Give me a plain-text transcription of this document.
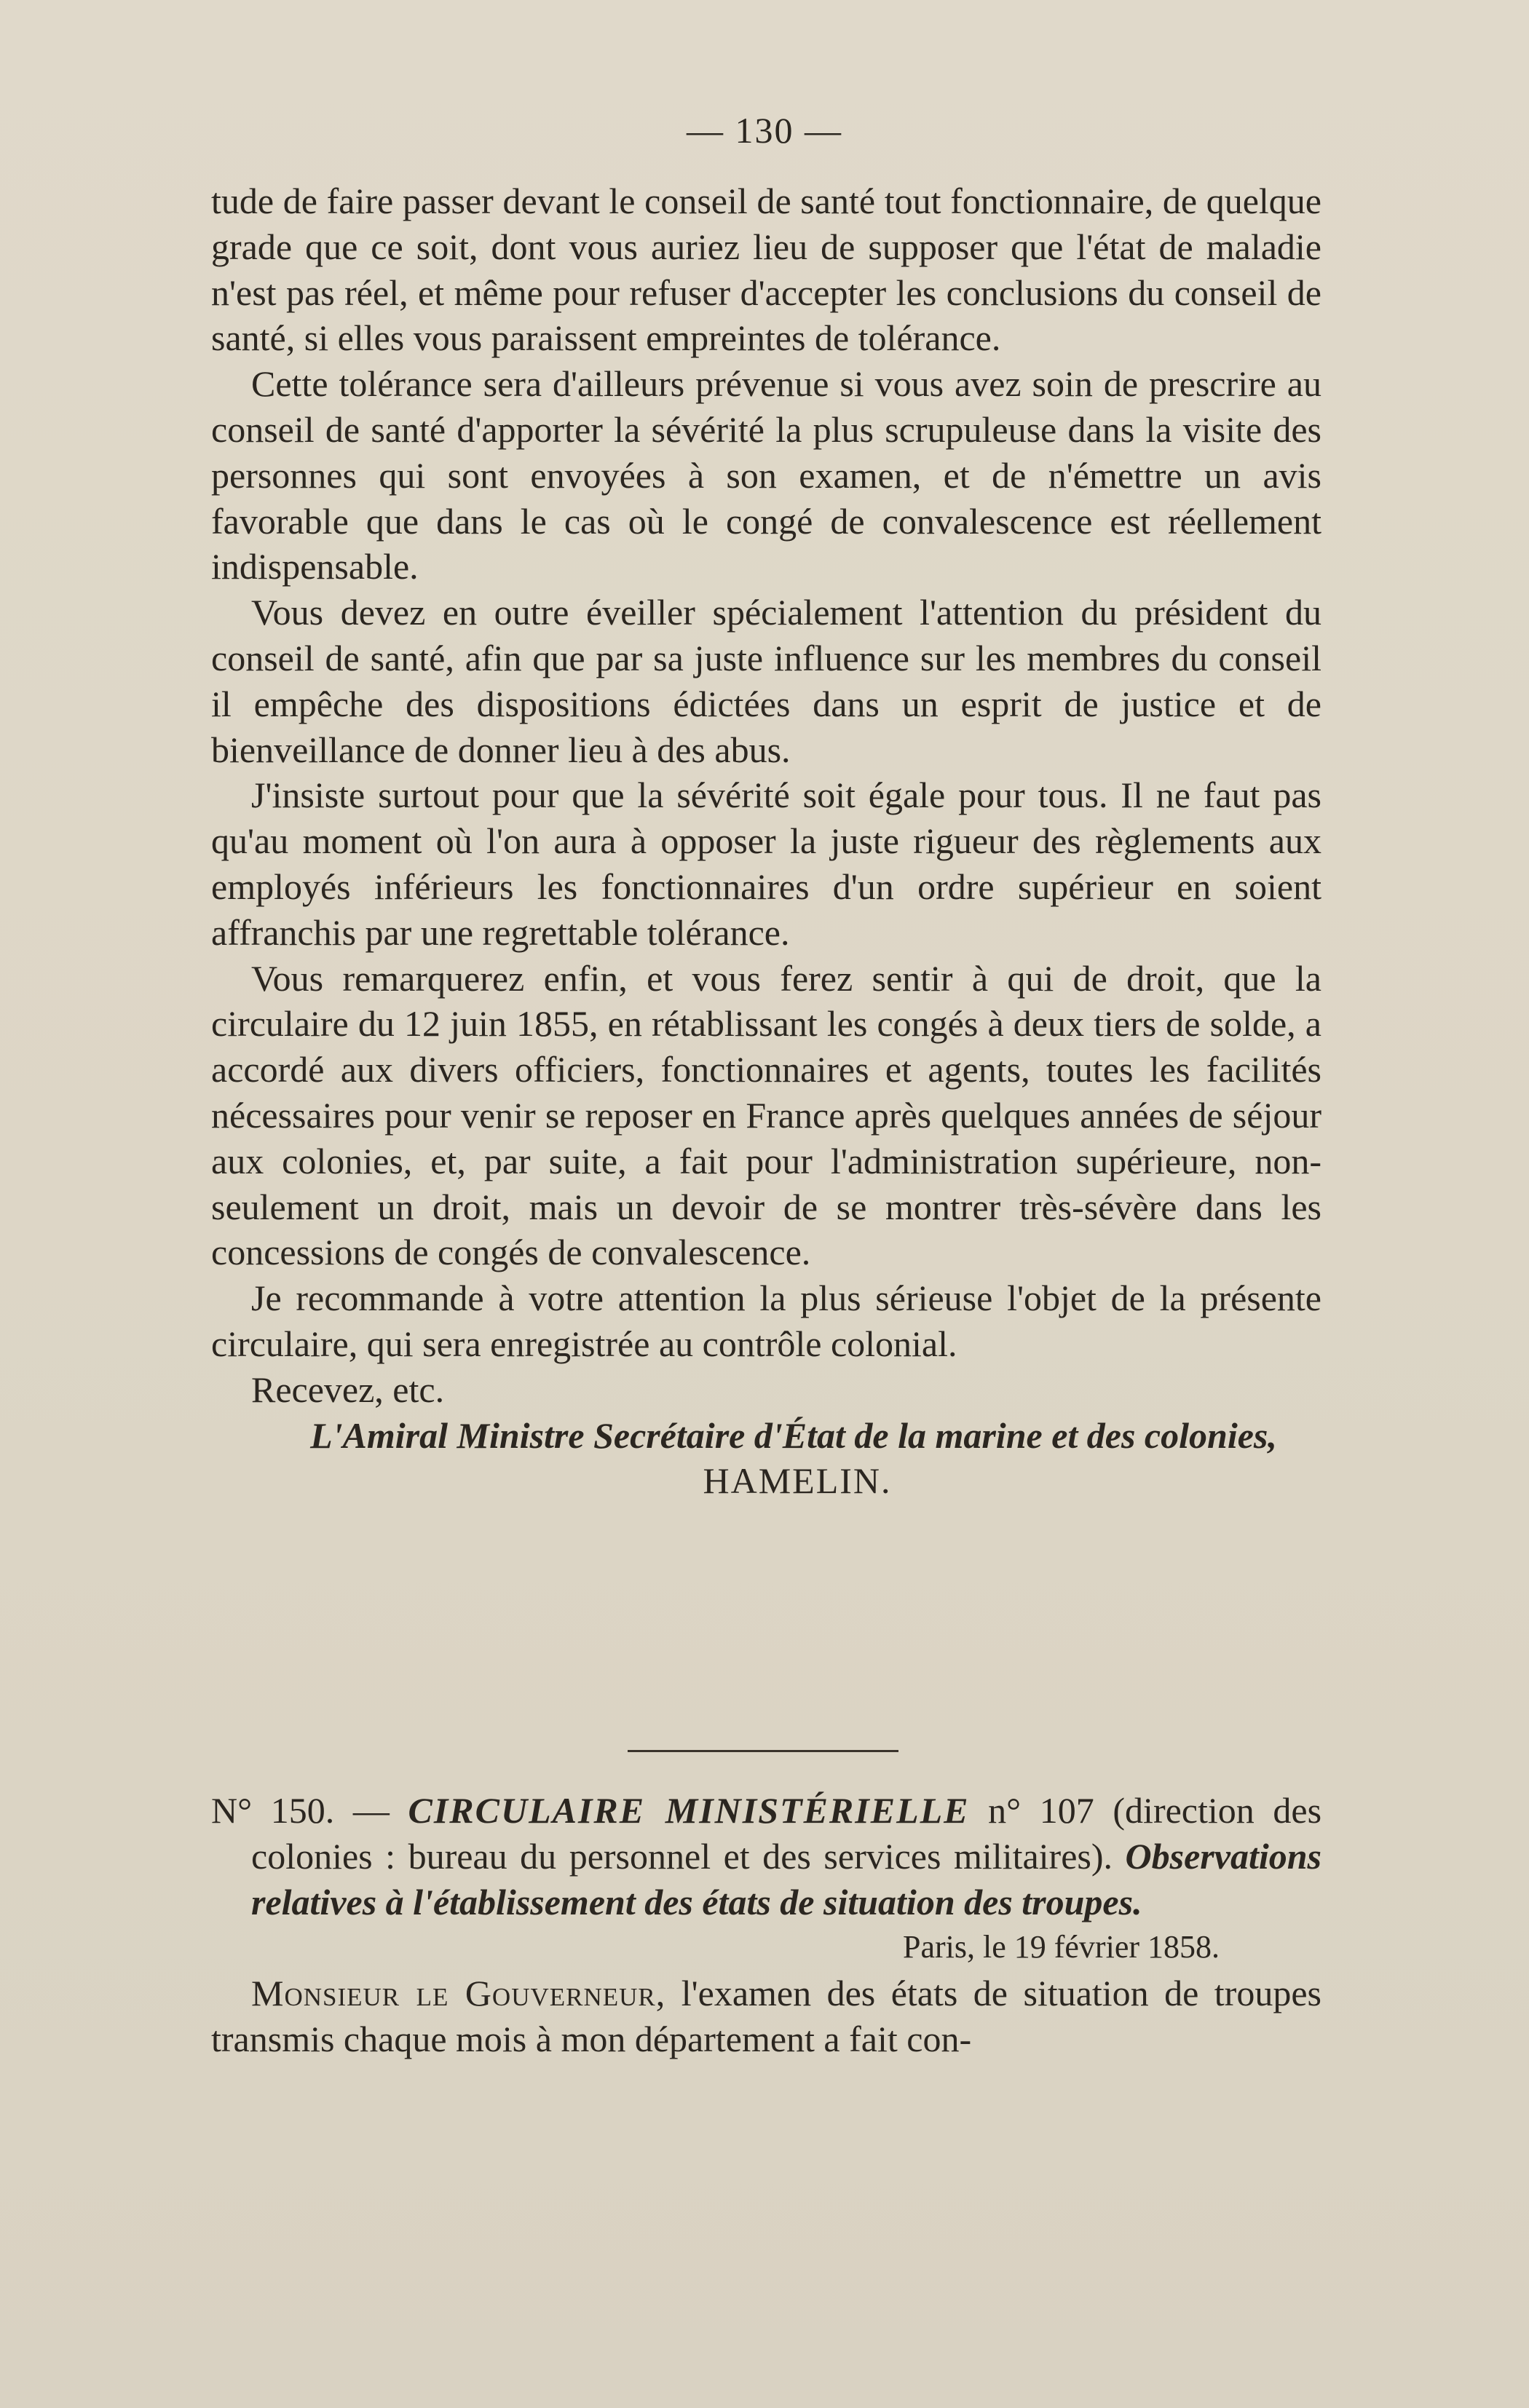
— 130 —

tude de faire passer devant le conseil de santé tout fonctionnaire, de quelque grade que ce soit, dont vous auriez lieu de supposer que l'état de maladie n'est pas réel, et même pour refuser d'accepter les conclusions du conseil de santé, si elles vous paraissent empreintes de tolérance.

Cette tolérance sera d'ailleurs prévenue si vous avez soin de prescrire au conseil de santé d'apporter la sévérité la plus scrupuleuse dans la visite des personnes qui sont envoyées à son examen, et de n'émettre un avis favorable que dans le cas où le congé de convalescence est réellement indispensable.

Vous devez en outre éveiller spécialement l'attention du président du conseil de santé, afin que par sa juste influence sur les membres du conseil il empêche des dispositions édictées dans un esprit de justice et de bienveillance de donner lieu à des abus.

J'insiste surtout pour que la sévérité soit égale pour tous. Il ne faut pas qu'au moment où l'on aura à opposer la juste rigueur des règlements aux employés inférieurs les fonctionnaires d'un ordre supérieur en soient affranchis par une regrettable tolérance.

Vous remarquerez enfin, et vous ferez sentir à qui de droit, que la circulaire du 12 juin 1855, en rétablissant les congés à deux tiers de solde, a accordé aux divers officiers, fonctionnaires et agents, toutes les facilités nécessaires pour venir se reposer en France après quelques années de séjour aux colonies, et, par suite, a fait pour l'administration supérieure, non-seulement un droit, mais un devoir de se montrer très-sévère dans les concessions de congés de convalescence.

Je recommande à votre attention la plus sérieuse l'objet de la présente circulaire, qui sera enregistrée au contrôle colonial.

Recevez, etc.

L'Amiral Ministre Secrétaire d'État de la marine et des colonies,

HAMELIN.

N° 150. — CIRCULAIRE MINISTÉRIELLE n° 107 (direction des colonies : bureau du personnel et des services militaires). Observations relatives à l'établissement des états de situation des troupes.

Paris, le 19 février 1858.

Monsieur le Gouverneur, l'examen des états de situation de troupes transmis chaque mois à mon département a fait con-
